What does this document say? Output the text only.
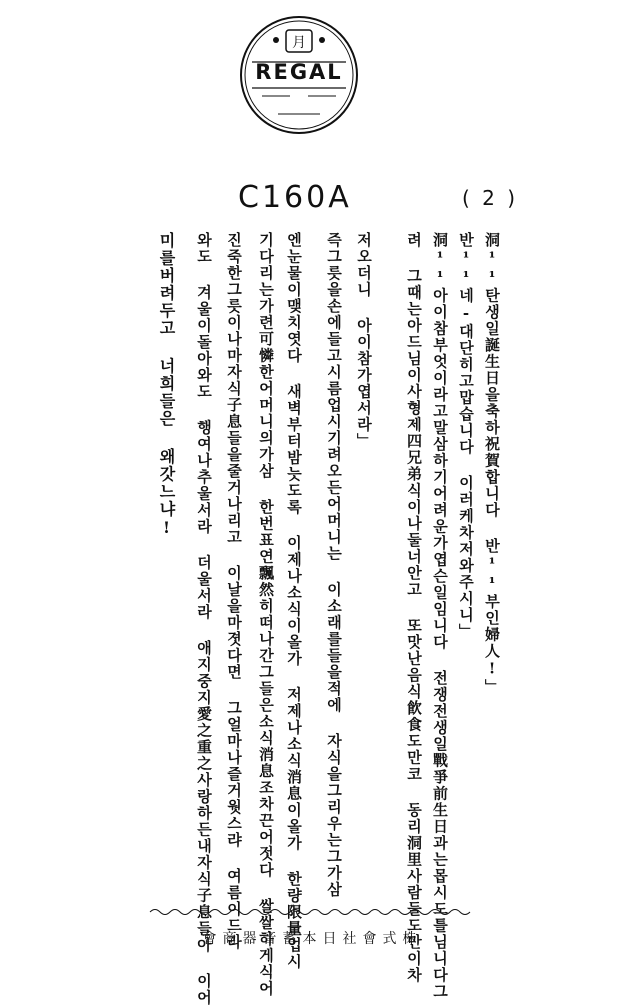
月
REGAL
C160A	( 2 )
洞¹¹탄생일誕生日을축하祝賀합니다 반¹¹부인婦人!」
반¹¹네-대단히고맙습니다 이러케차저와주시니」
洞¹¹아이참부엇이라고말삼하기어려운가엽슨일임니다 전쟁전생일戰爭前生日과는몹시도틀님니다그
려 그때는아드님이사형제四兄弟식이나둘너안고 또맛난음식飮食도만코 동리洞里사람들도만이차
저오더니 아이참가엽서라」
즉그릇을손에들고시름업시기려오든어머니는 이소래를들을적에 자식을그리우는그가삼
엔눈물이맺치엿다 새벽부터밤늣도록 이제나소식이올가 저제나소식消息이올가 한량限量업시
기다리는가련可憐한어머니의가삼 한번표연飄然히떠나간그들은소식消息조차끈어젓다 쌀쌀하게식어
진죽한그릇이나마자식子息들을줄거나리고 이날을마졋다면 그얼마나즐거웟스랴 여름이드라
와도 겨울이돌아와도 행여나추울서라 더울서라 애지중지愛之重之사랑하든내자식子息들아 이어
미를버려두고 너희들은 왜갓느냐!
會商器音蓄本日社會式株
